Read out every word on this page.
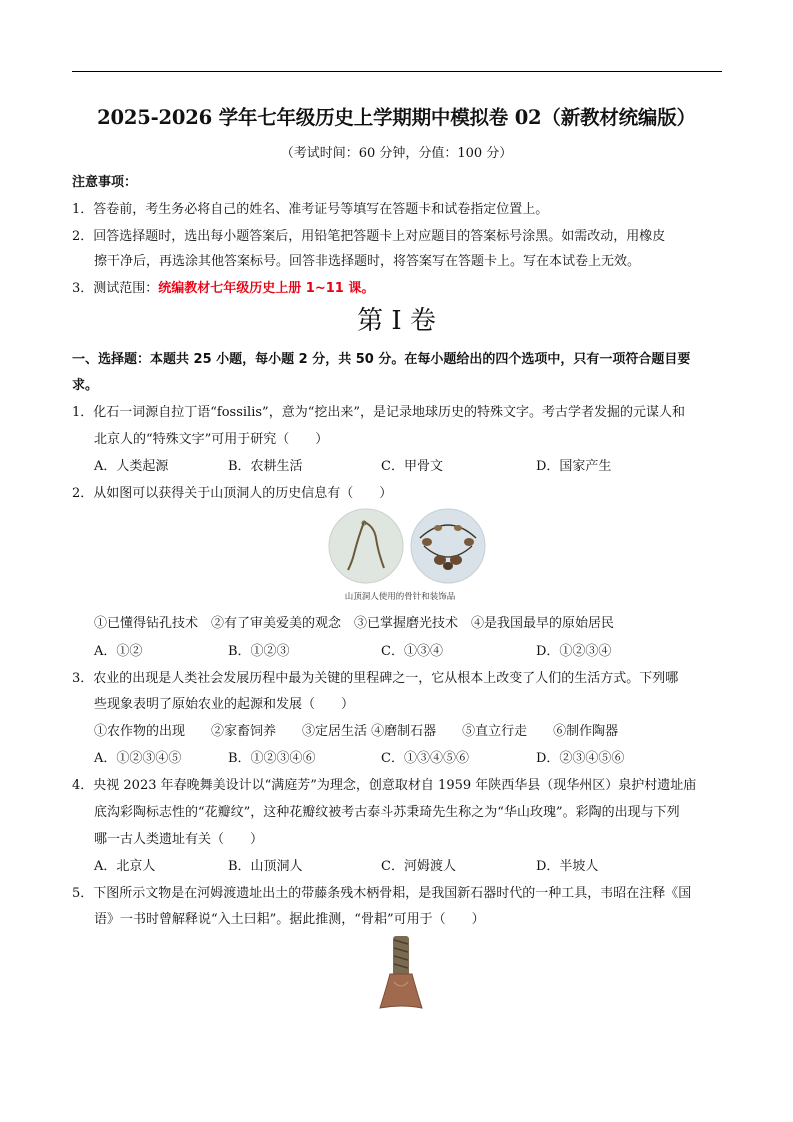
2025-2026 学年七年级历史上学期期中模拟卷 02（新教材统编版）
（考试时间：60 分钟，分值：100 分）
注意事项：
1．答卷前，考生务必将自己的姓名、准考证号等填写在答题卡和试卷指定位置上。
2．回答选择题时，选出每小题答案后，用铅笔把答题卡上对应题目的答案标号涂黑。如需改动，用橡皮
擦干净后，再选涂其他答案标号。回答非选择题时，将答案写在答题卡上。写在本试卷上无效。
3．测试范围：统编教材七年级历史上册 1~11 课。
第 I 卷
一、选择题：本题共 25 小题，每小题 2 分，共 50 分。在每小题给出的四个选项中，只有一项符合题目要
求。
1．化石一词源自拉丁语“fossilis”，意为“挖出来”，是记录地球历史的特殊文字。考古学者发掘的元谋人和
北京人的“特殊文字”可用于研究（　　）
A．人类起源	B．农耕生活	C．甲骨文	D．国家产生
2．从如图可以获得关于山顶洞人的历史信息有（　　）
山顶洞人使用的骨针和装饰品
①已懂得钻孔技术　②有了审美爱美的观念　③已掌握磨光技术　④是我国最早的原始居民
A．①②	B．①②③	C．①③④	D．①②③④
3．农业的出现是人类社会发展历程中最为关键的里程碑之一，它从根本上改变了人们的生活方式。下列哪
些现象表明了原始农业的起源和发展（　　）
①农作物的出现　　②家畜饲养　　③定居生活 ④磨制石器　　⑤直立行走　　⑥制作陶器
A．①②③④⑤	B．①②③④⑥	C．①③④⑤⑥	D．②③④⑤⑥
4．央视 2023 年春晚舞美设计以“满庭芳”为理念，创意取材自 1959 年陕西华县（现华州区）泉护村遗址庙
底沟彩陶标志性的“花瓣纹”，这种花瓣纹被考古泰斗苏秉琦先生称之为“华山玫瑰”。彩陶的出现与下列
哪一古人类遗址有关（　　）
A．北京人	B．山顶洞人	C．河姆渡人	D．半坡人
5．下图所示文物是在河姆渡遗址出土的带藤条残木柄骨耜，是我国新石器时代的一种工具，韦昭在注释《国
语》一书时曾解释说“入土曰耜”。据此推测，“骨耜”可用于（　　）
